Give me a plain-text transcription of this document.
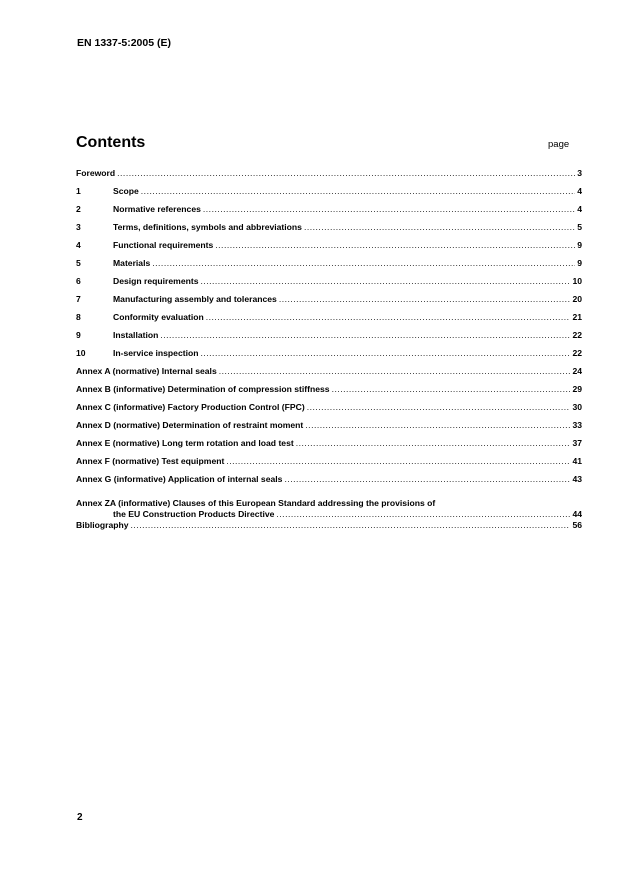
EN 1337-5:2005 (E)
Contents	page
Foreword .....	3
1	Scope .....	4
2	Normative references .....	4
3	Terms, definitions, symbols and abbreviations .....	5
4	Functional requirements .....	9
5	Materials .....	9
6	Design requirements .....	10
7	Manufacturing assembly and tolerances .....	20
8	Conformity evaluation .....	21
9	Installation .....	22
10	In-service inspection .....	22
Annex A (normative) Internal seals .....	24
Annex B (informative) Determination of compression stiffness .....	29
Annex C (informative) Factory Production Control (FPC) .....	30
Annex D (normative) Determination of restraint moment .....	33
Annex E (normative) Long term rotation and load test .....	37
Annex F (normative) Test equipment .....	41
Annex G (informative) Application of internal seals .....	43
Annex ZA (informative) Clauses of this European Standard addressing the provisions of
the EU Construction Products Directive .....	44
Bibliography .....	56
2
